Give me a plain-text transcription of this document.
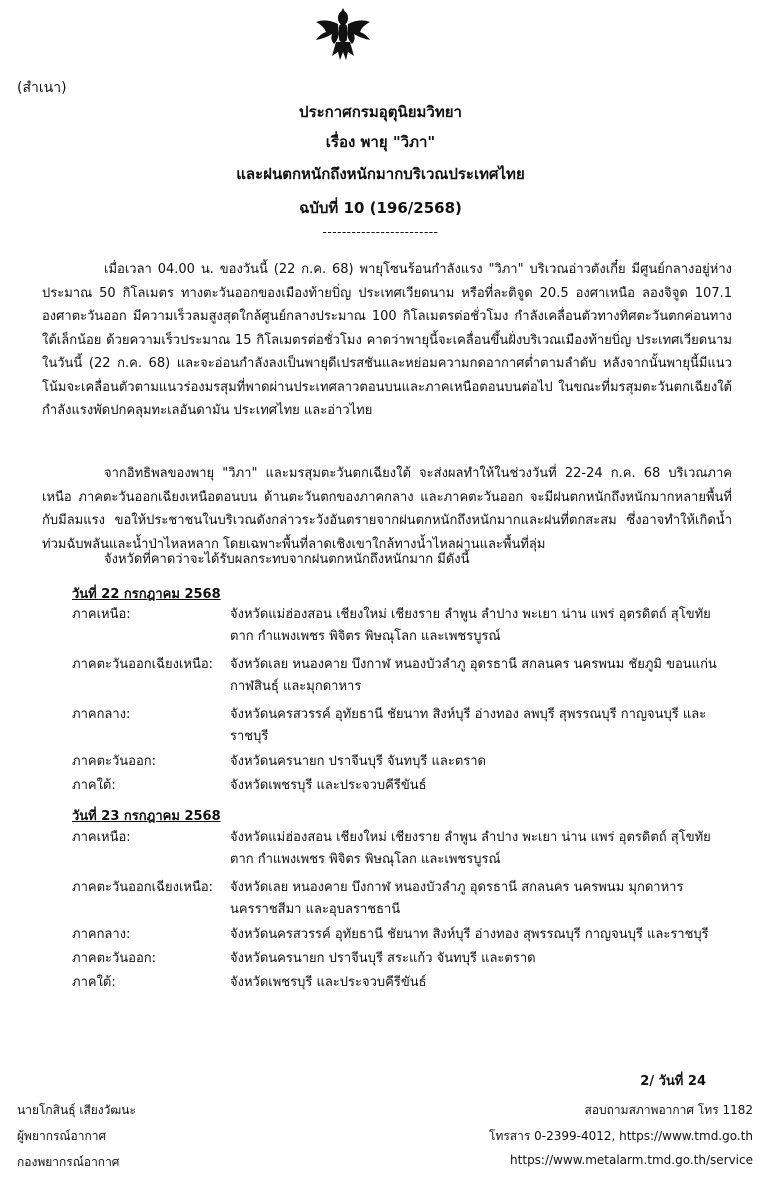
(สำเนา)
ประกาศกรมอุตุนิยมวิทยา
เรื่อง พายุ "วิภา"
และฝนตกหนักถึงหนักมากบริเวณประเทศไทย
ฉบับที่ 10 (196/2568)
------------------------
เมื่อเวลา 04.00 น. ของวันนี้ (22 ก.ค. 68) พายุโซนร้อนกำลังแรง "วิภา" บริเวณอ่าวตังเกี๋ย มีศูนย์กลางอยู่ห่างประมาณ 50 กิโลเมตร ทางตะวันออกของเมืองท้ายบิ่ญ ประเทศเวียดนาม หรือที่ละติจูด 20.5 องศาเหนือ ลองจิจูด 107.1 องศาตะวันออก มีความเร็วลมสูงสุดใกล้ศูนย์กลางประมาณ 100 กิโลเมตรต่อชั่วโมง กำลังเคลื่อนตัวทางทิศตะวันตกค่อนทางใต้เล็กน้อย ด้วยความเร็วประมาณ 15 กิโลเมตรต่อชั่วโมง คาดว่าพายุนี้จะเคลื่อนขึ้นฝั่งบริเวณเมืองท้ายบิ่ญ ประเทศเวียดนามในวันนี้ (22 ก.ค. 68) และจะอ่อนกำลังลงเป็นพายุดีเปรสชันและหย่อมความกดอากาศต่ำตามลำดับ หลังจากนั้นพายุนี้มีแนวโน้มจะเคลื่อนตัวตามแนวร่องมรสุมที่พาดผ่านประเทศลาวตอนบนและภาคเหนือตอนบนต่อไป ในขณะที่มรสุมตะวันตกเฉียงใต้กำลังแรงพัดปกคลุมทะเลอันดามัน ประเทศไทย และอ่าวไทย
จากอิทธิพลของพายุ "วิภา" และมรสุมตะวันตกเฉียงใต้ จะส่งผลทำให้ในช่วงวันที่ 22-24 ก.ค. 68 บริเวณภาคเหนือ ภาคตะวันออกเฉียงเหนือตอนบน ด้านตะวันตกของภาคกลาง และภาคตะวันออก จะมีฝนตกหนักถึงหนักมากหลายพื้นที่ กับมีลมแรง ขอให้ประชาชนในบริเวณดังกล่าวระวังอันตรายจากฝนตกหนักถึงหนักมากและฝนที่ตกสะสม ซึ่งอาจทำให้เกิดน้ำท่วมฉับพลันและน้ำป่าไหลหลาก โดยเฉพาะพื้นที่ลาดเชิงเขาใกล้ทางน้ำไหลผ่านและพื้นที่ลุ่ม
จังหวัดที่คาดว่าจะได้รับผลกระทบจากฝนตกหนักถึงหนักมาก มีดังนี้
วันที่ 22 กรกฎาคม 2568
ภาคเหนือ:	จังหวัดแม่ฮ่องสอน เชียงใหม่ เชียงราย ลำพูน ลำปาง พะเยา น่าน แพร่ อุตรดิตถ์ สุโขทัย ตาก กำแพงเพชร พิจิตร พิษณุโลก และเพชรบูรณ์
ภาคตะวันออกเฉียงเหนือ:	จังหวัดเลย หนองคาย บึงกาฬ หนองบัวลำภู อุดรธานี สกลนคร นครพนม ชัยภูมิ ขอนแก่น กาฬสินธุ์ และมุกดาหาร
ภาคกลาง:	จังหวัดนครสวรรค์ อุทัยธานี ชัยนาท สิงห์บุรี อ่างทอง ลพบุรี สุพรรณบุรี กาญจนบุรี และราชบุรี
ภาคตะวันออก:	จังหวัดนครนายก ปราจีนบุรี จันทบุรี และตราด
ภาคใต้:	จังหวัดเพชรบุรี และประจวบคีรีขันธ์
วันที่ 23 กรกฎาคม 2568
ภาคเหนือ:	จังหวัดแม่ฮ่องสอน เชียงใหม่ เชียงราย ลำพูน ลำปาง พะเยา น่าน แพร่ อุตรดิตถ์ สุโขทัย ตาก กำแพงเพชร พิจิตร พิษณุโลก และเพชรบูรณ์
ภาคตะวันออกเฉียงเหนือ:	จังหวัดเลย หนองคาย บึงกาฬ หนองบัวลำภู อุดรธานี สกลนคร นครพนม มุกดาหาร นครราชสีมา และอุบลราชธานี
ภาคกลาง:	จังหวัดนครสวรรค์ อุทัยธานี ชัยนาท สิงห์บุรี อ่างทอง สุพรรณบุรี กาญจนบุรี และราชบุรี
ภาคตะวันออก:	จังหวัดนครนายก ปราจีนบุรี สระแก้ว จันทบุรี และตราด
ภาคใต้:	จังหวัดเพชรบุรี และประจวบคีรีขันธ์
2/ วันที่ 24
นายโกสินธุ์ เสียงวัฒนะ
ผู้พยากรณ์อากาศ
กองพยากรณ์อากาศ
สอบถามสภาพอากาศ โทร 1182
โทรสาร 0-2399-4012, https://www.tmd.go.th
https://www.metalarm.tmd.go.th/service
